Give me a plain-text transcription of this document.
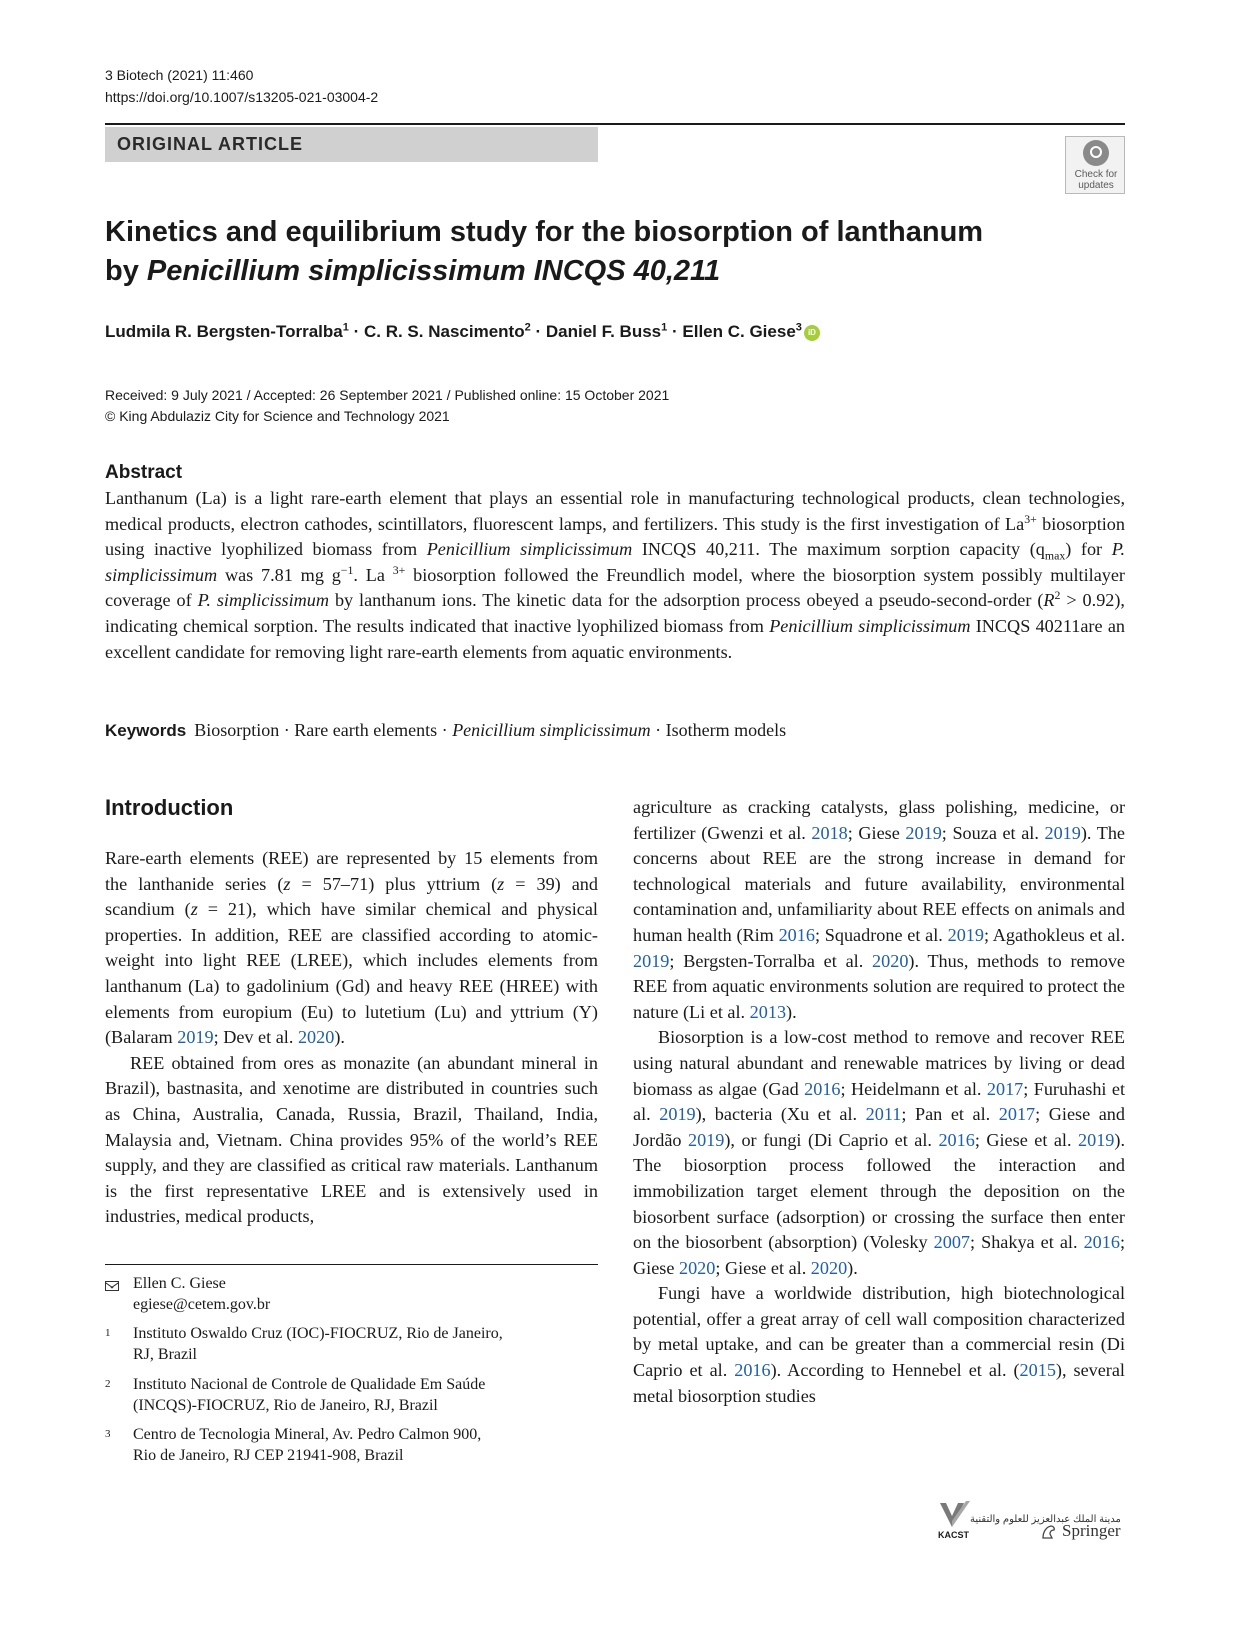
3 Biotech (2021) 11:460
https://doi.org/10.1007/s13205-021-03004-2
ORIGINAL ARTICLE
Check for
updates
Kinetics and equilibrium study for the biosorption of lanthanum
by Penicillium simplicissimum INCQS 40,211
Ludmila R. Bergsten-Torralba$^1$ · C. R. S. Nascimento$^2$ · Daniel F. Buss$^1$ · Ellen C. Giese$^3$ iD
Received: 9 July 2021 / Accepted: 26 September 2021 / Published online: 15 October 2021
© King Abdulaziz City for Science and Technology 2021
Abstract
Lanthanum (La) is a light rare-earth element that plays an essential role in manufacturing technological products, clean technologies, medical products, electron cathodes, scintillators, fluorescent lamps, and fertilizers. This study is the first investigation of $La^{3+}$ biosorption using inactive lyophilized biomass from Penicillium simplicissimum INCQS 40,211. The maximum sorption capacity $(q_{max})$ for P. simplicissimum was 7.81 mg $g^{-1}$. La $^{3+}$ biosorption followed the Freundlich model, where the biosorption system possibly multilayer coverage of P. simplicissimum by lanthanum ions. The kinetic data for the adsorption process obeyed a pseudo-second-order $(R^2 > 0.92)$, indicating chemical sorption. The results indicated that inactive lyophilized biomass from Penicillium simplicissimum INCQS 40211are an excellent candidate for removing light rare-earth elements from aquatic environments.
Keywords Biosorption · Rare earth elements · Penicillium simplicissimum · Isotherm models
Introduction

Rare-earth elements (REE) are represented by 15 elements from the lanthanide series (z = 57–71) plus yttrium (z = 39) and scandium (z = 21), which have similar chemical and physical properties. In addition, REE are classified according to atomic-weight into light REE (LREE), which includes elements from lanthanum (La) to gadolinium (Gd) and heavy REE (HREE) with elements from europium (Eu) to lutetium (Lu) and yttrium (Y) (Balaram 2019; Dev et al. 2020).

REE obtained from ores as monazite (an abundant mineral in Brazil), bastnasita, and xenotime are distributed in countries such as China, Australia, Canada, Russia, Brazil, Thailand, India, Malaysia and, Vietnam. China provides 95% of the world’s REE supply, and they are classified as critical raw materials. Lanthanum is the first representative LREE and is extensively used in industries, medical products,

Ellen C. Giese
egiese@cetem.gov.br
1 Instituto Oswaldo Cruz (IOC)-FIOCRUZ, Rio de Janeiro,
RJ, Brazil
2 Instituto Nacional de Controle de Qualidade Em Saúde
(INCQS)-FIOCRUZ, Rio de Janeiro, RJ, Brazil
3 Centro de Tecnologia Mineral, Av. Pedro Calmon 900,
Rio de Janeiro, RJ CEP 21941-908, Brazil

agriculture as cracking catalysts, glass polishing, medicine, or fertilizer (Gwenzi et al. 2018; Giese 2019; Souza et al. 2019). The concerns about REE are the strong increase in demand for technological materials and future availability, environmental contamination and, unfamiliarity about REE effects on animals and human health (Rim 2016; Squadrone et al. 2019; Agathokleus et al. 2019; Bergsten-Torralba et al. 2020). Thus, methods to remove REE from aquatic environments solution are required to protect the nature (Li et al. 2013).

Biosorption is a low-cost method to remove and recover REE using natural abundant and renewable matrices by living or dead biomass as algae (Gad 2016; Heidelmann et al. 2017; Furuhashi et al. 2019), bacteria (Xu et al. 2011; Pan et al. 2017; Giese and Jordão 2019), or fungi (Di Caprio et al. 2016; Giese et al. 2019). The biosorption process followed the interaction and immobilization target element through the deposition on the biosorbent surface (adsorption) or crossing the surface then enter on the biosorbent (absorption) (Volesky 2007; Shakya et al. 2016; Giese 2020; Giese et al. 2020).

Fungi have a worldwide distribution, high biotechnological potential, offer a great array of cell wall composition characterized by metal uptake, and can be greater than a commercial resin (Di Caprio et al. 2016). According to Hennebel et al. (2015), several metal biosorption studies

مدينة الملك عبدالعزيز للعلوم والتقنية
KACST	Springer
